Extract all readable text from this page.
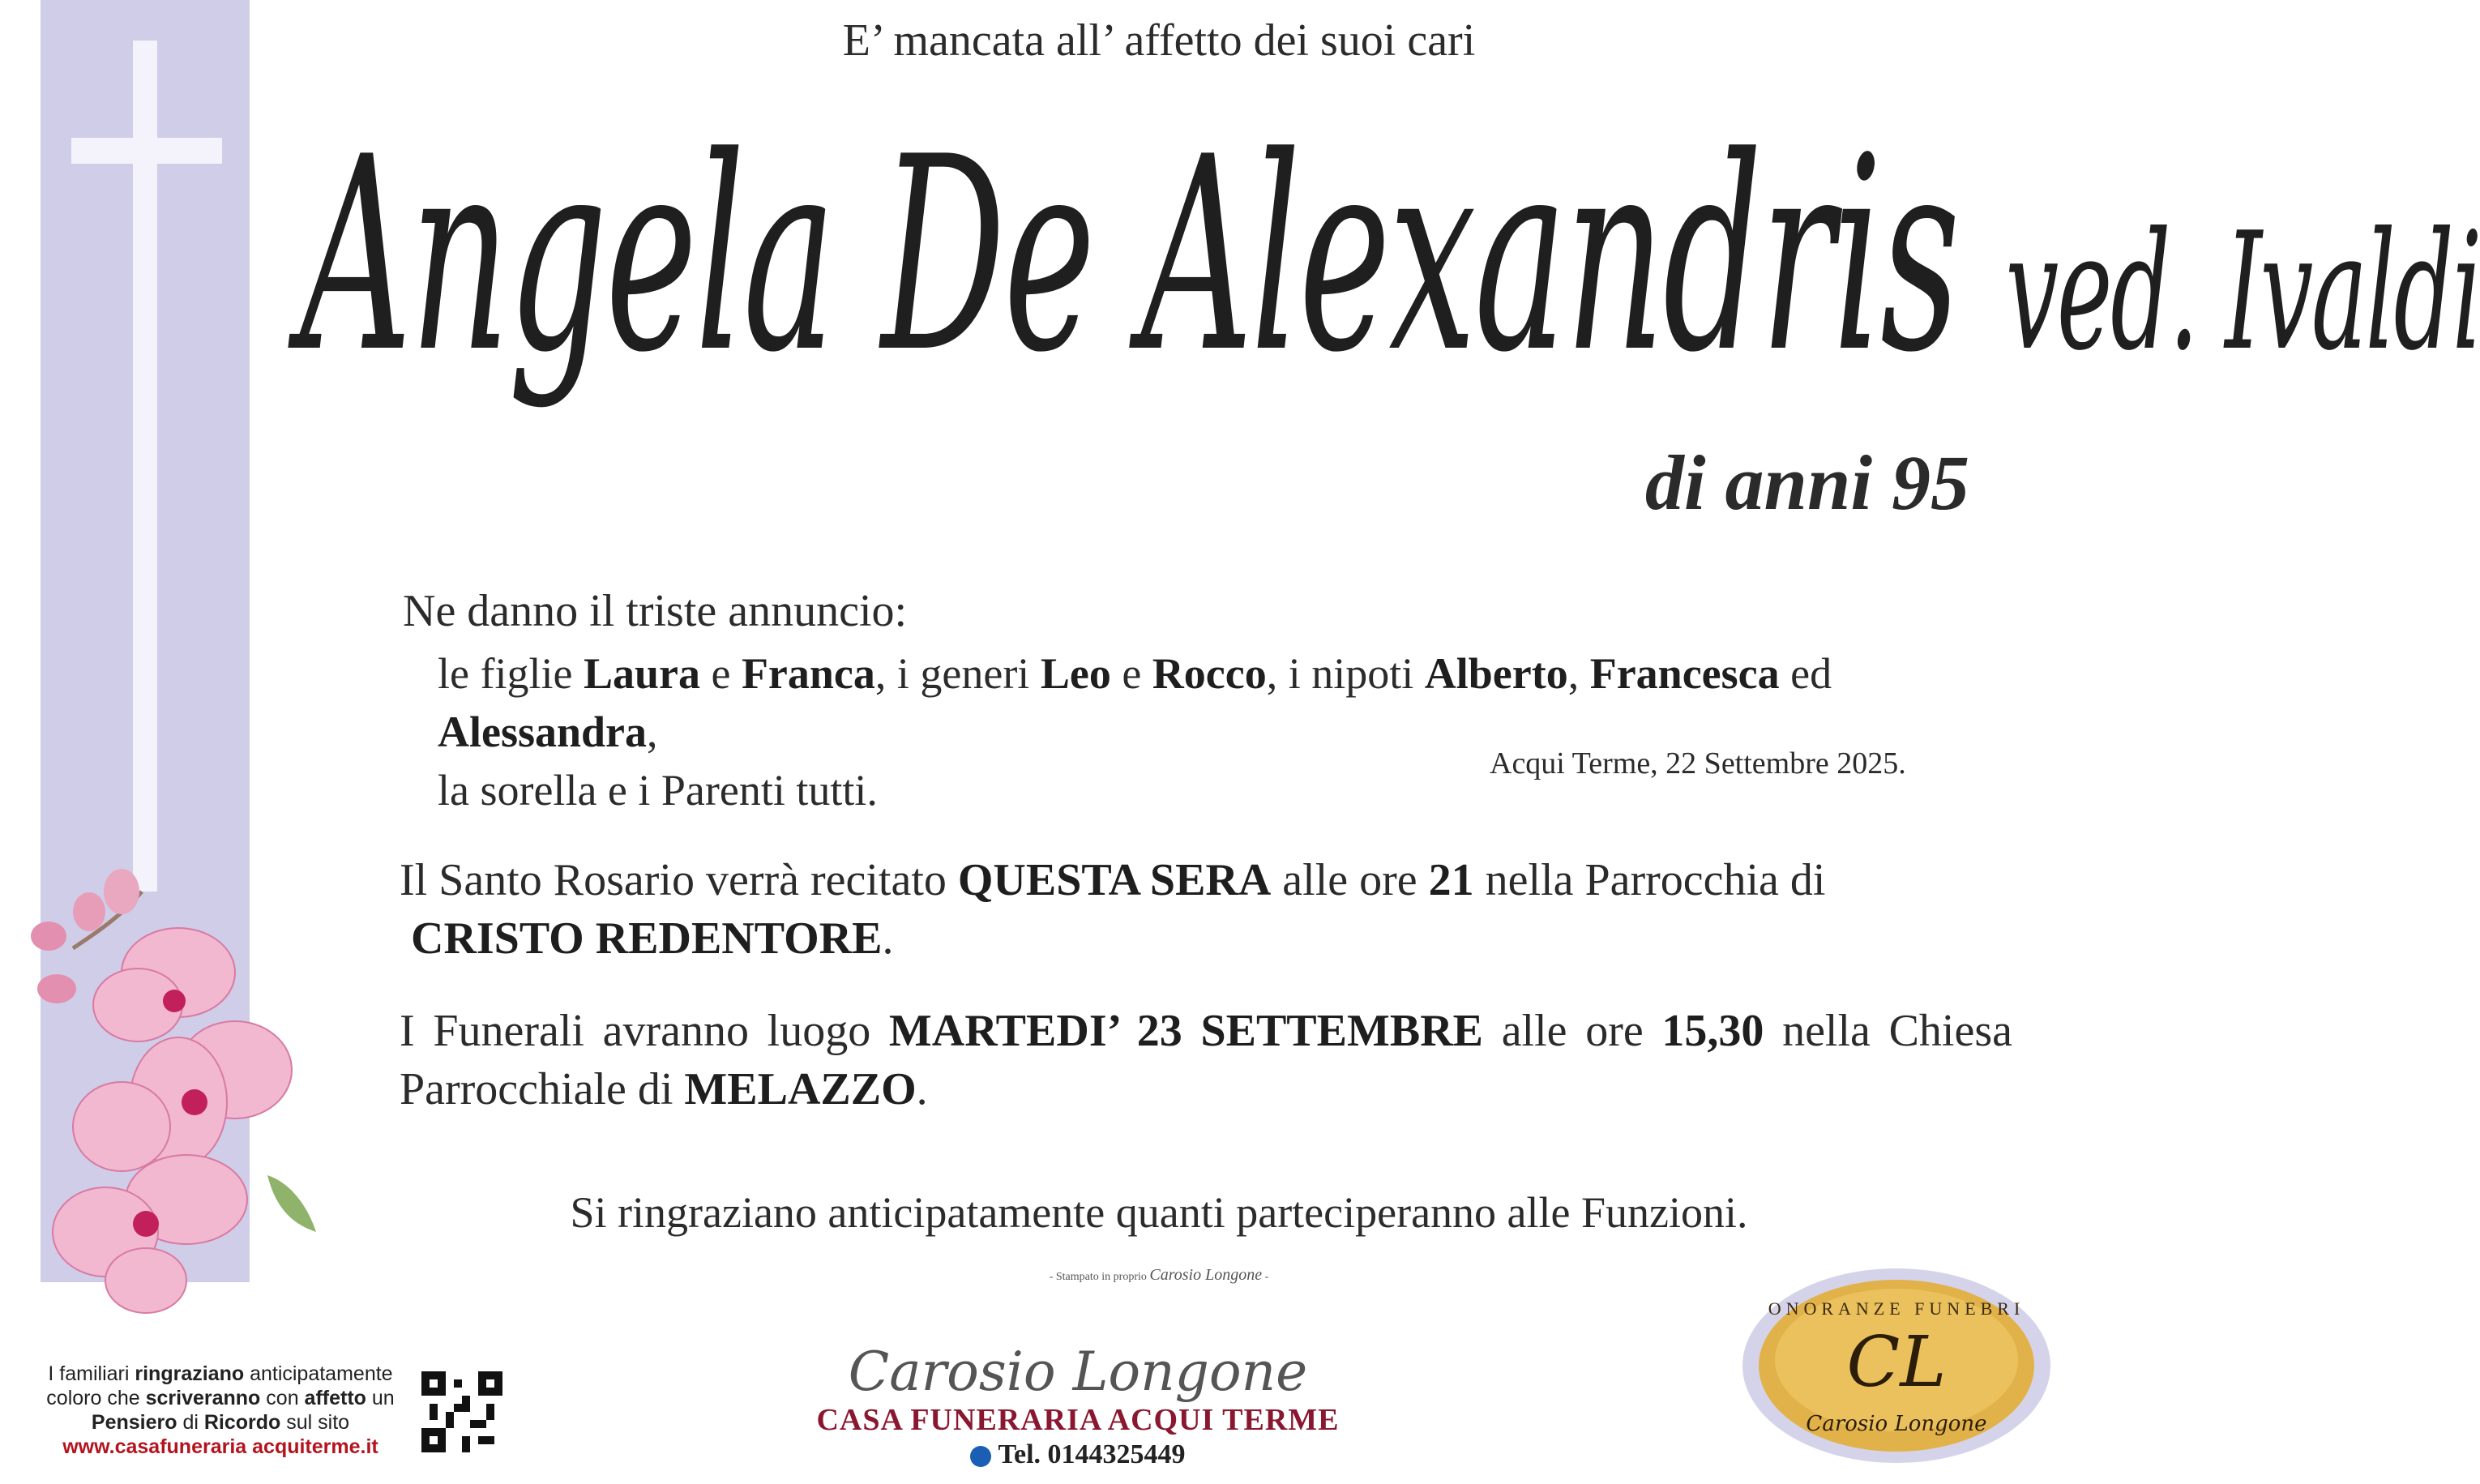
E’ mancata all’ affetto dei suoi cari
Angela De Alexandris ved. Ivaldi
di anni 95
Ne danno il triste annuncio:
le figlie Laura e Franca, i generi Leo e Rocco, i nipoti Alberto, Francesca ed Alessandra,
la sorella e i Parenti tutti.
Acqui Terme, 22 Settembre 2025.
Il Santo Rosario verrà recitato QUESTA SERA alle ore 21 nella Parrocchia di
CRISTO REDENTORE.
I Funerali avranno luogo MARTEDI’ 23 SETTEMBRE alle ore 15,30 nella Chiesa Parrocchiale di MELAZZO.
Si ringraziano anticipatamente quanti parteciperanno alle Funzioni.
- Stampato in proprio Carosio Longone -
I familiari ringraziano anticipatamente coloro che scriveranno con affetto un Pensiero di Ricordo sul sito
www.casafuneraria acquiterme.it
Carosio Longone
CASA FUNERARIA ACQUI TERME
Tel. 0144325449
ONORANZE FUNEBRI
CL
Carosio Longone
